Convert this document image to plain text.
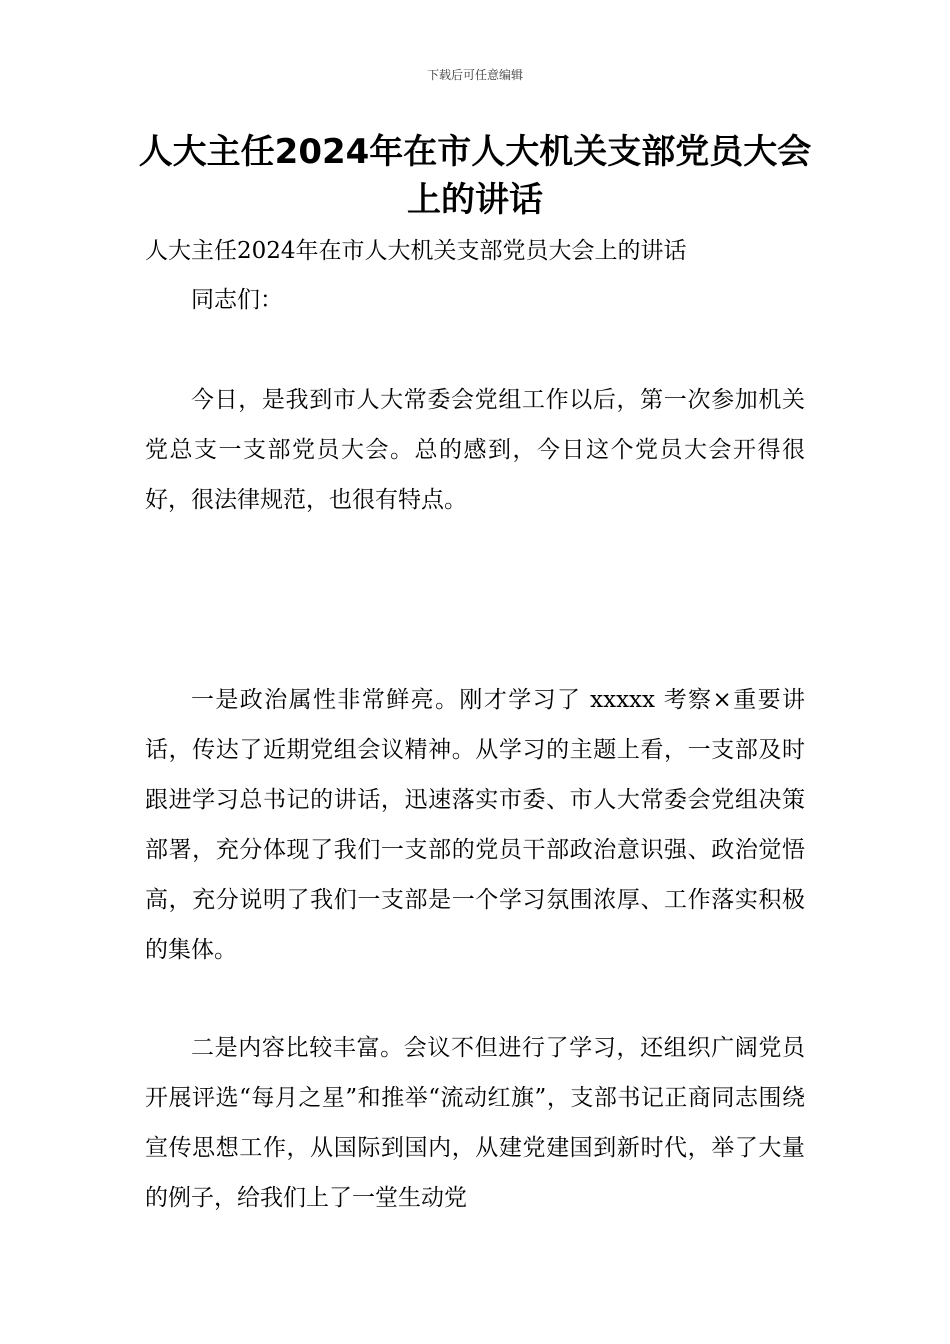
下载后可任意编辑
人大主任2024年在市人大机关支部党员大会上的讲话

人大主任2024年在市人大机关支部党员大会上的讲话

同志们：

今日，是我到市人大常委会党组工作以后，第一次参加机关党总支一支部党员大会。总的感到，今日这个党员大会开得很好，很法律规范，也很有特点。

一是政治属性非常鲜亮。刚才学习了 xxxxx 考察×重要讲话，传达了近期党组会议精神。从学习的主题上看，一支部及时跟进学习总书记的讲话，迅速落实市委、市人大常委会党组决策部署，充分体现了我们一支部的党员干部政治意识强、政治觉悟高，充分说明了我们一支部是一个学习氛围浓厚、工作落实积极的集体。

二是内容比较丰富。会议不但进行了学习，还组织广阔党员开展评选“每月之星”和推举“流动红旗”，支部书记正商同志围绕宣传思想工作，从国际到国内，从建党建国到新时代，举了大量的例子，给我们上了一堂生动党
